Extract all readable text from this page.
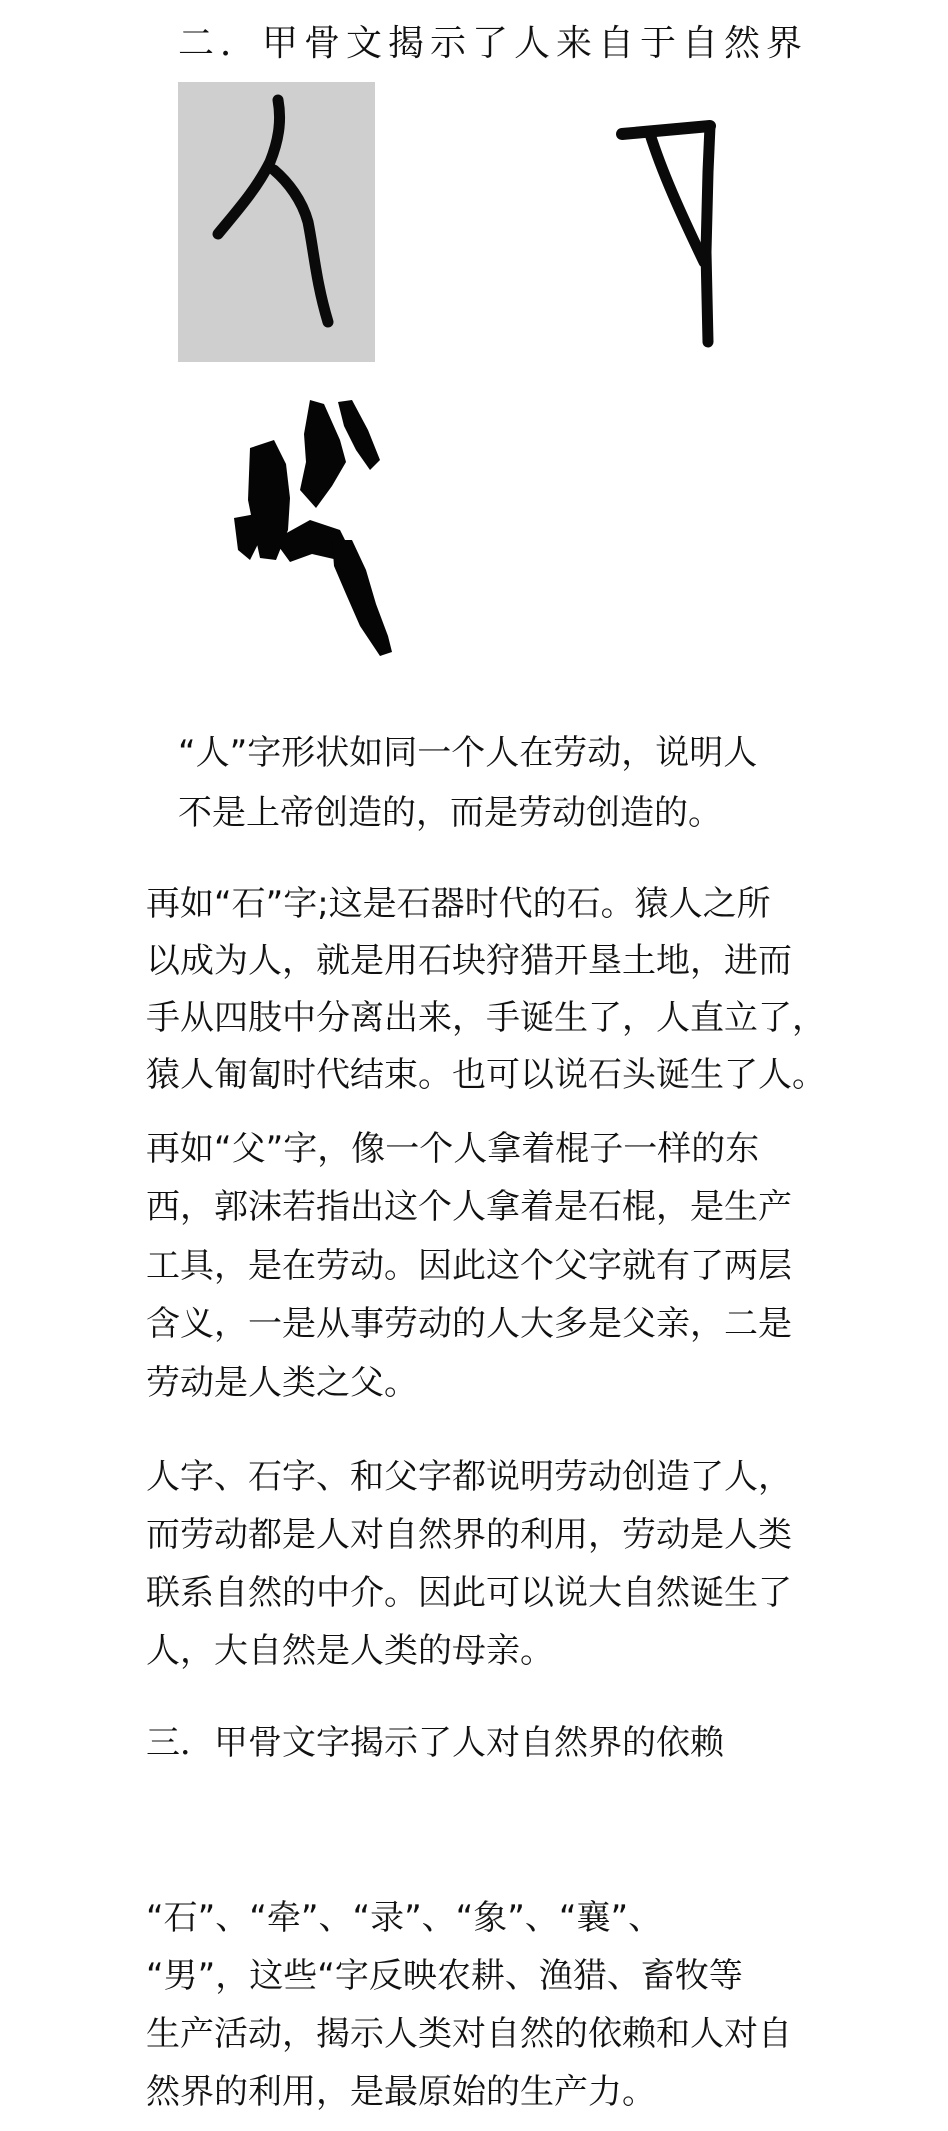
二．甲骨文揭示了人来自于自然界
“人”字形状如同一个人在劳动，说明人
不是上帝创造的，而是劳动创造的。
再如“石”字;这是石器时代的石。猿人之所
以成为人，就是用石块狩猎开垦土地，进而
手从四肢中分离出来，手诞生了，人直立了，
猿人匍匐时代结束。也可以说石头诞生了人。
再如“父”字，像一个人拿着棍子一样的东
西，郭沫若指出这个人拿着是石棍，是生产
工具，是在劳动。因此这个父字就有了两层
含义，一是从事劳动的人大多是父亲，二是
劳动是人类之父。
人字、石字、和父字都说明劳动创造了人，
而劳动都是人对自然界的利用，劳动是人类
联系自然的中介。因此可以说大自然诞生了
人，大自然是人类的母亲。
三．甲骨文字揭示了人对自然界的依赖
“石”、“牵”、“录”、“象”、“襄”、
“男”，这些“字反映农耕、渔猎、畜牧等
生产活动，揭示人类对自然的依赖和人对自
然界的利用，是最原始的生产力。
